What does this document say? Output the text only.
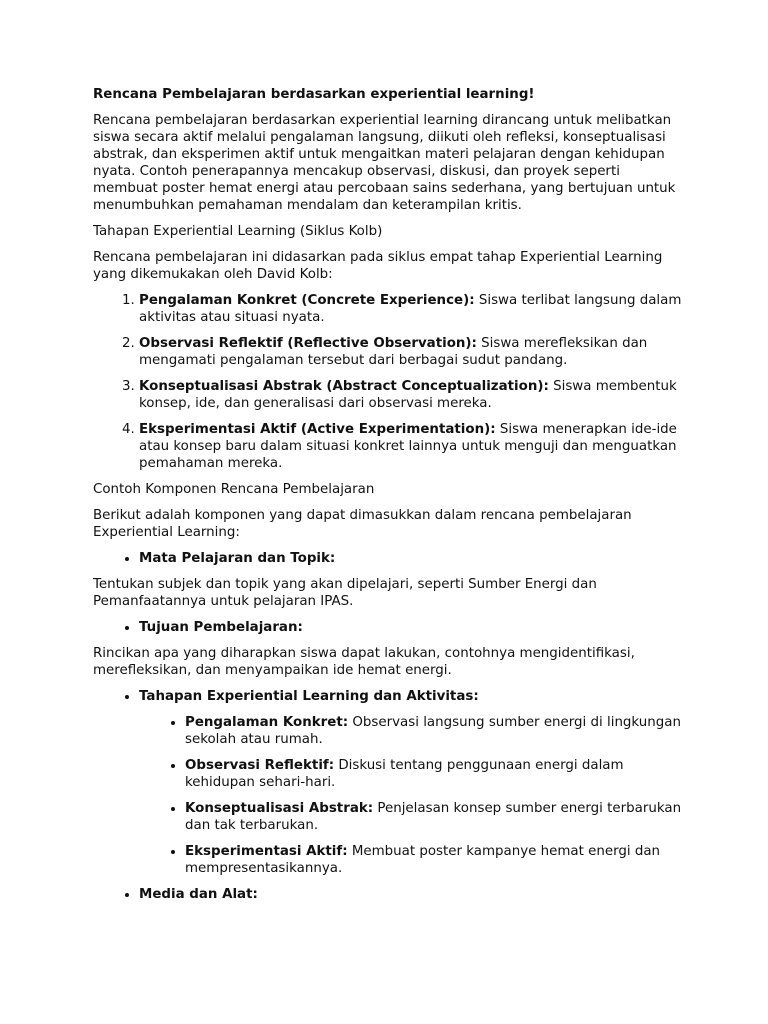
Rencana Pembelajaran berdasarkan experiential learning!

Rencana pembelajaran berdasarkan experiential learning dirancang untuk melibatkan siswa secara aktif melalui pengalaman langsung, diikuti oleh refleksi, konseptualisasi abstrak, dan eksperimen aktif untuk mengaitkan materi pelajaran dengan kehidupan nyata. Contoh penerapannya mencakup observasi, diskusi, dan proyek seperti membuat poster hemat energi atau percobaan sains sederhana, yang bertujuan untuk menumbuhkan pemahaman mendalam dan keterampilan kritis.

Tahapan Experiential Learning (Siklus Kolb)

Rencana pembelajaran ini didasarkan pada siklus empat tahap Experiential Learning yang dikemukakan oleh David Kolb:

1. Pengalaman Konkret (Concrete Experience): Siswa terlibat langsung dalam aktivitas atau situasi nyata.
2. Observasi Reflektif (Reflective Observation): Siswa merefleksikan dan mengamati pengalaman tersebut dari berbagai sudut pandang.
3. Konseptualisasi Abstrak (Abstract Conceptualization): Siswa membentuk konsep, ide, dan generalisasi dari observasi mereka.
4. Eksperimentasi Aktif (Active Experimentation): Siswa menerapkan ide-ide atau konsep baru dalam situasi konkret lainnya untuk menguji dan menguatkan pemahaman mereka.

Contoh Komponen Rencana Pembelajaran

Berikut adalah komponen yang dapat dimasukkan dalam rencana pembelajaran Experiential Learning:

• Mata Pelajaran dan Topik:

Tentukan subjek dan topik yang akan dipelajari, seperti Sumber Energi dan Pemanfaatannya untuk pelajaran IPAS.

• Tujuan Pembelajaran:

Rincikan apa yang diharapkan siswa dapat lakukan, contohnya mengidentifikasi, merefleksikan, dan menyampaikan ide hemat energi.

• Tahapan Experiential Learning dan Aktivitas:
• Pengalaman Konkret: Observasi langsung sumber energi di lingkungan sekolah atau rumah.
• Observasi Reflektif: Diskusi tentang penggunaan energi dalam kehidupan sehari-hari.
• Konseptualisasi Abstrak: Penjelasan konsep sumber energi terbarukan dan tak terbarukan.
• Eksperimentasi Aktif: Membuat poster kampanye hemat energi dan mempresentasikannya.
• Media dan Alat:
